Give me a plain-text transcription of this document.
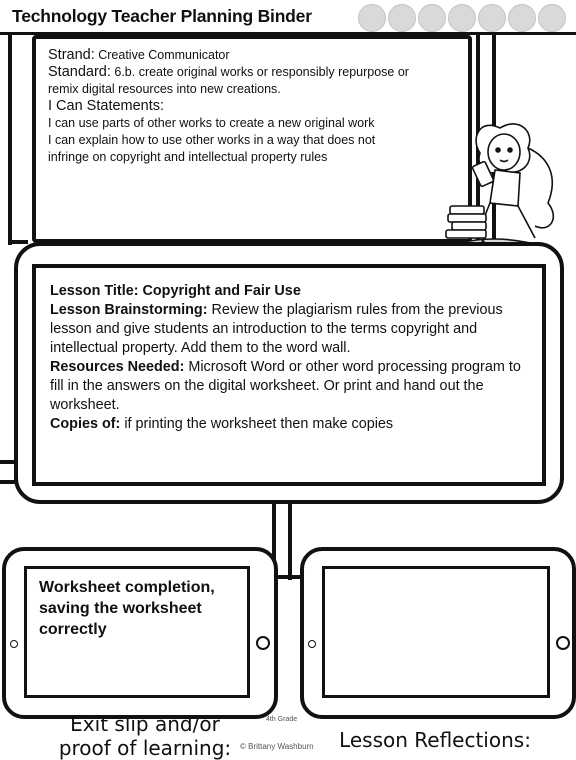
Technology Teacher Planning Binder
Strand: Creative Communicator
Standard: 6.b. create original works or responsibly repurpose or
remix digital resources into new creations.
I Can Statements:
I can use parts of other works to create a new original work
I can explain how to use other works in a way that does not
infringe on copyright and intellectual property rules
Lesson Title: Copyright and Fair Use
Lesson Brainstorming: Review the plagiarism rules from the previous lesson and give students an introduction to the terms copyright and intellectual property. Add them to the word wall.
Resources Needed: Microsoft Word or other word processing program to fill in the answers on the digital worksheet. Or print and hand out the worksheet.
Copies of: if printing the worksheet then make copies
Worksheet completion, saving the worksheet correctly
Exit slip and/or
proof of learning:	Lesson Reflections:
4th Grade
© Brittany Washburn
